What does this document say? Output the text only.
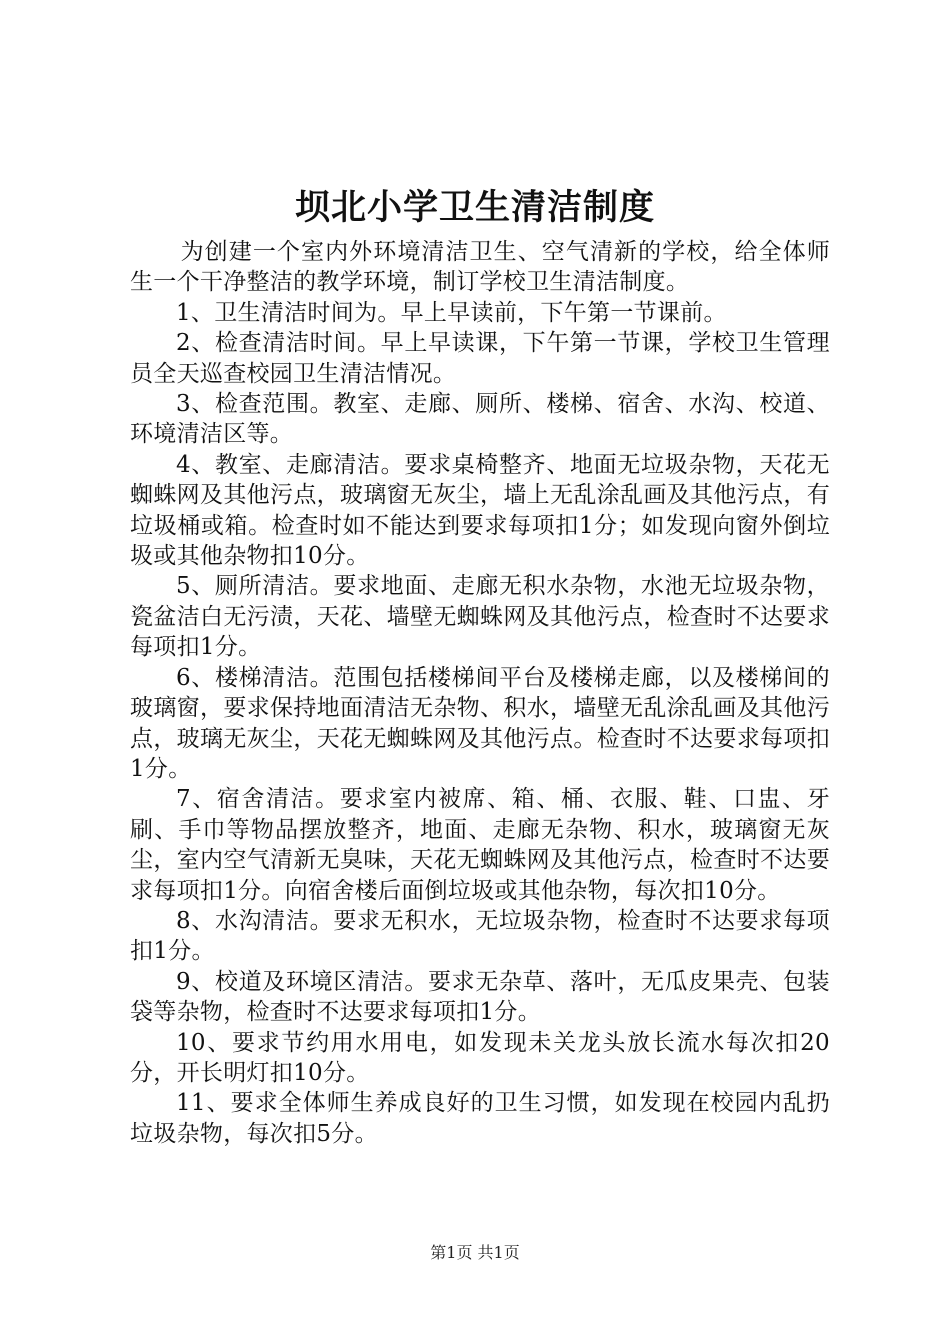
坝北小学卫生清洁制度

为创建一个室内外环境清洁卫生、空气清新的学校，给全体师生一个干净整洁的教学环境，制订学校卫生清洁制度。

1、卫生清洁时间为。早上早读前，下午第一节课前。

2、检查清洁时间。早上早读课，下午第一节课，学校卫生管理员全天巡查校园卫生清洁情况。

3、检查范围。教室、走廊、厕所、楼梯、宿舍、水沟、校道、环境清洁区等。

4、教室、走廊清洁。要求桌椅整齐、地面无垃圾杂物，天花无蜘蛛网及其他污点，玻璃窗无灰尘，墙上无乱涂乱画及其他污点，有垃圾桶或箱。检查时如不能达到要求每项扣1分；如发现向窗外倒垃圾或其他杂物扣10分。

5、厕所清洁。要求地面、走廊无积水杂物，水池无垃圾杂物，瓷盆洁白无污渍，天花、墙壁无蜘蛛网及其他污点，检查时不达要求每项扣1分。

6、楼梯清洁。范围包括楼梯间平台及楼梯走廊，以及楼梯间的玻璃窗，要求保持地面清洁无杂物、积水，墙壁无乱涂乱画及其他污点，玻璃无灰尘，天花无蜘蛛网及其他污点。检查时不达要求每项扣1分。

7、宿舍清洁。要求室内被席、箱、桶、衣服、鞋、口盅、牙刷、手巾等物品摆放整齐，地面、走廊无杂物、积水，玻璃窗无灰尘，室内空气清新无臭味，天花无蜘蛛网及其他污点，检查时不达要求每项扣1分。向宿舍楼后面倒垃圾或其他杂物，每次扣10分。

8、水沟清洁。要求无积水，无垃圾杂物，检查时不达要求每项扣1分。

9、校道及环境区清洁。要求无杂草、落叶，无瓜皮果壳、包装袋等杂物，检查时不达要求每项扣1分。

10、要求节约用水用电，如发现未关龙头放长流水每次扣20分，开长明灯扣10分。

11、要求全体师生养成良好的卫生习惯，如发现在校园内乱扔垃圾杂物，每次扣5分。

第1页 共1页
